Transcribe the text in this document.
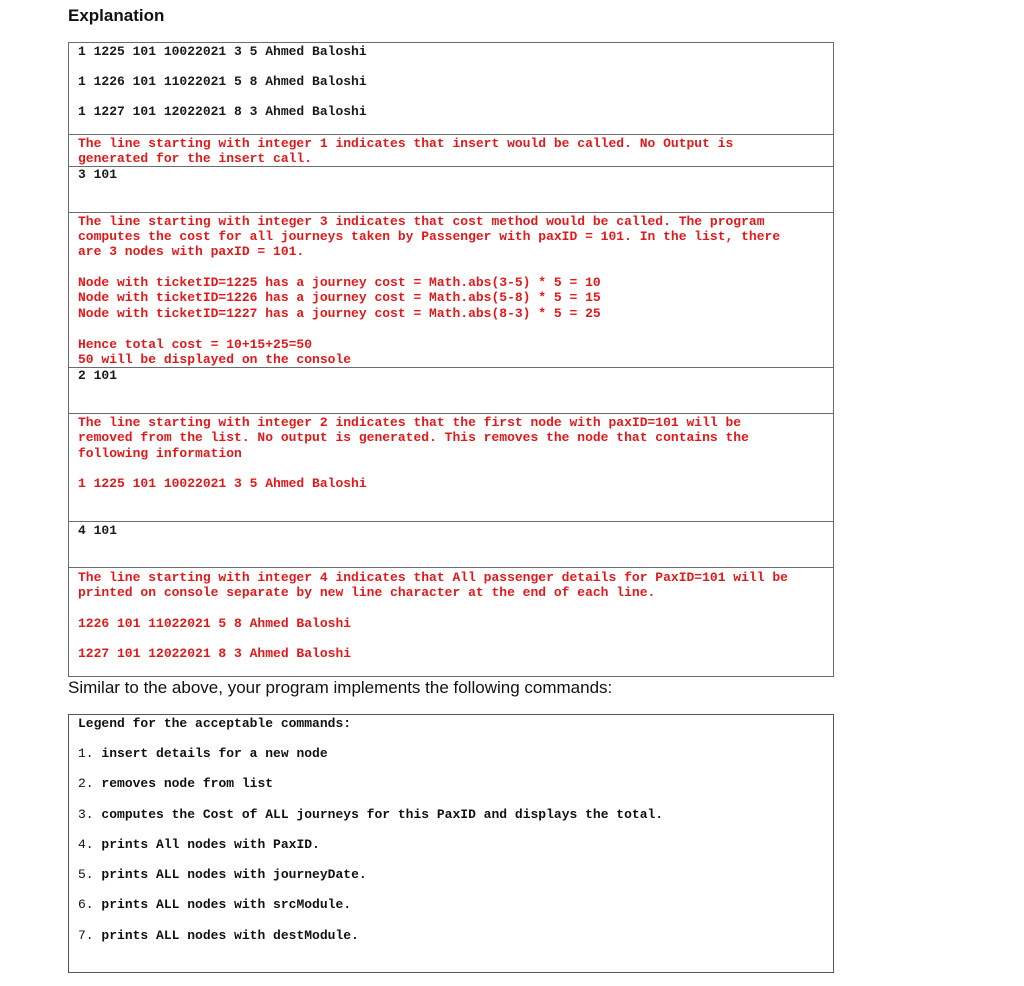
Explanation
1 1225 101 10022021 3 5 Ahmed Baloshi
1 1226 101 11022021 5 8 Ahmed Baloshi
1 1227 101 12022021 8 3 Ahmed Baloshi
The line starting with integer 1 indicates that insert would be called. No Output is
generated for the insert call.
3 101
The line starting with integer 3 indicates that cost method would be called. The program
computes the cost for all journeys taken by Passenger with paxID = 101. In the list, there
are 3 nodes with paxID = 101.
Node with ticketID=1225 has a journey cost = Math.abs(3-5) * 5 = 10
Node with ticketID=1226 has a journey cost = Math.abs(5-8) * 5 = 15
Node with ticketID=1227 has a journey cost = Math.abs(8-3) * 5 = 25
Hence total cost = 10+15+25=50
50 will be displayed on the console
2 101
The line starting with integer 2 indicates that the first node with paxID=101 will be
removed from the list. No output is generated. This removes the node that contains the
following information
1 1225 101 10022021 3 5 Ahmed Baloshi
4 101
The line starting with integer 4 indicates that All passenger details for PaxID=101 will be
printed on console separate by new line character at the end of each line.
1226 101 11022021 5 8 Ahmed Baloshi
1227 101 12022021 8 3 Ahmed Baloshi
Similar to the above, your program implements the following commands:
Legend for the acceptable commands:
1. insert details for a new node
2. removes node from list
3. computes the Cost of ALL journeys for this PaxID and displays the total.
4. prints All nodes with PaxID.
5. prints ALL nodes with journeyDate.
6. prints ALL nodes with srcModule.
7. prints ALL nodes with destModule.
